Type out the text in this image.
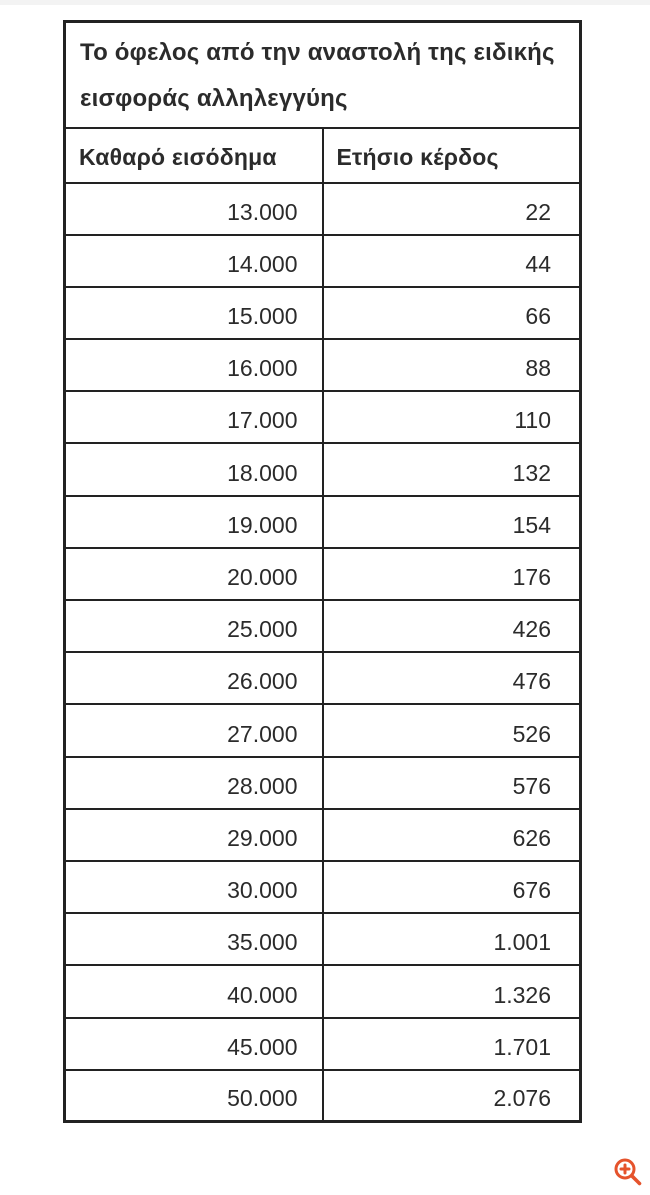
Το όφελος από την αναστολή της ειδικής εισφοράς αλληλεγγύης	
Καθαρό εισόδημα	Ετήσιο κέρδος
13.000	22
14.000	44
15.000	66
16.000	88
17.000	110
18.000	132
19.000	154
20.000	176
25.000	426
26.000	476
27.000	526
28.000	576
29.000	626
30.000	676
35.000	1.001
40.000	1.326
45.000	1.701
50.000	2.076
